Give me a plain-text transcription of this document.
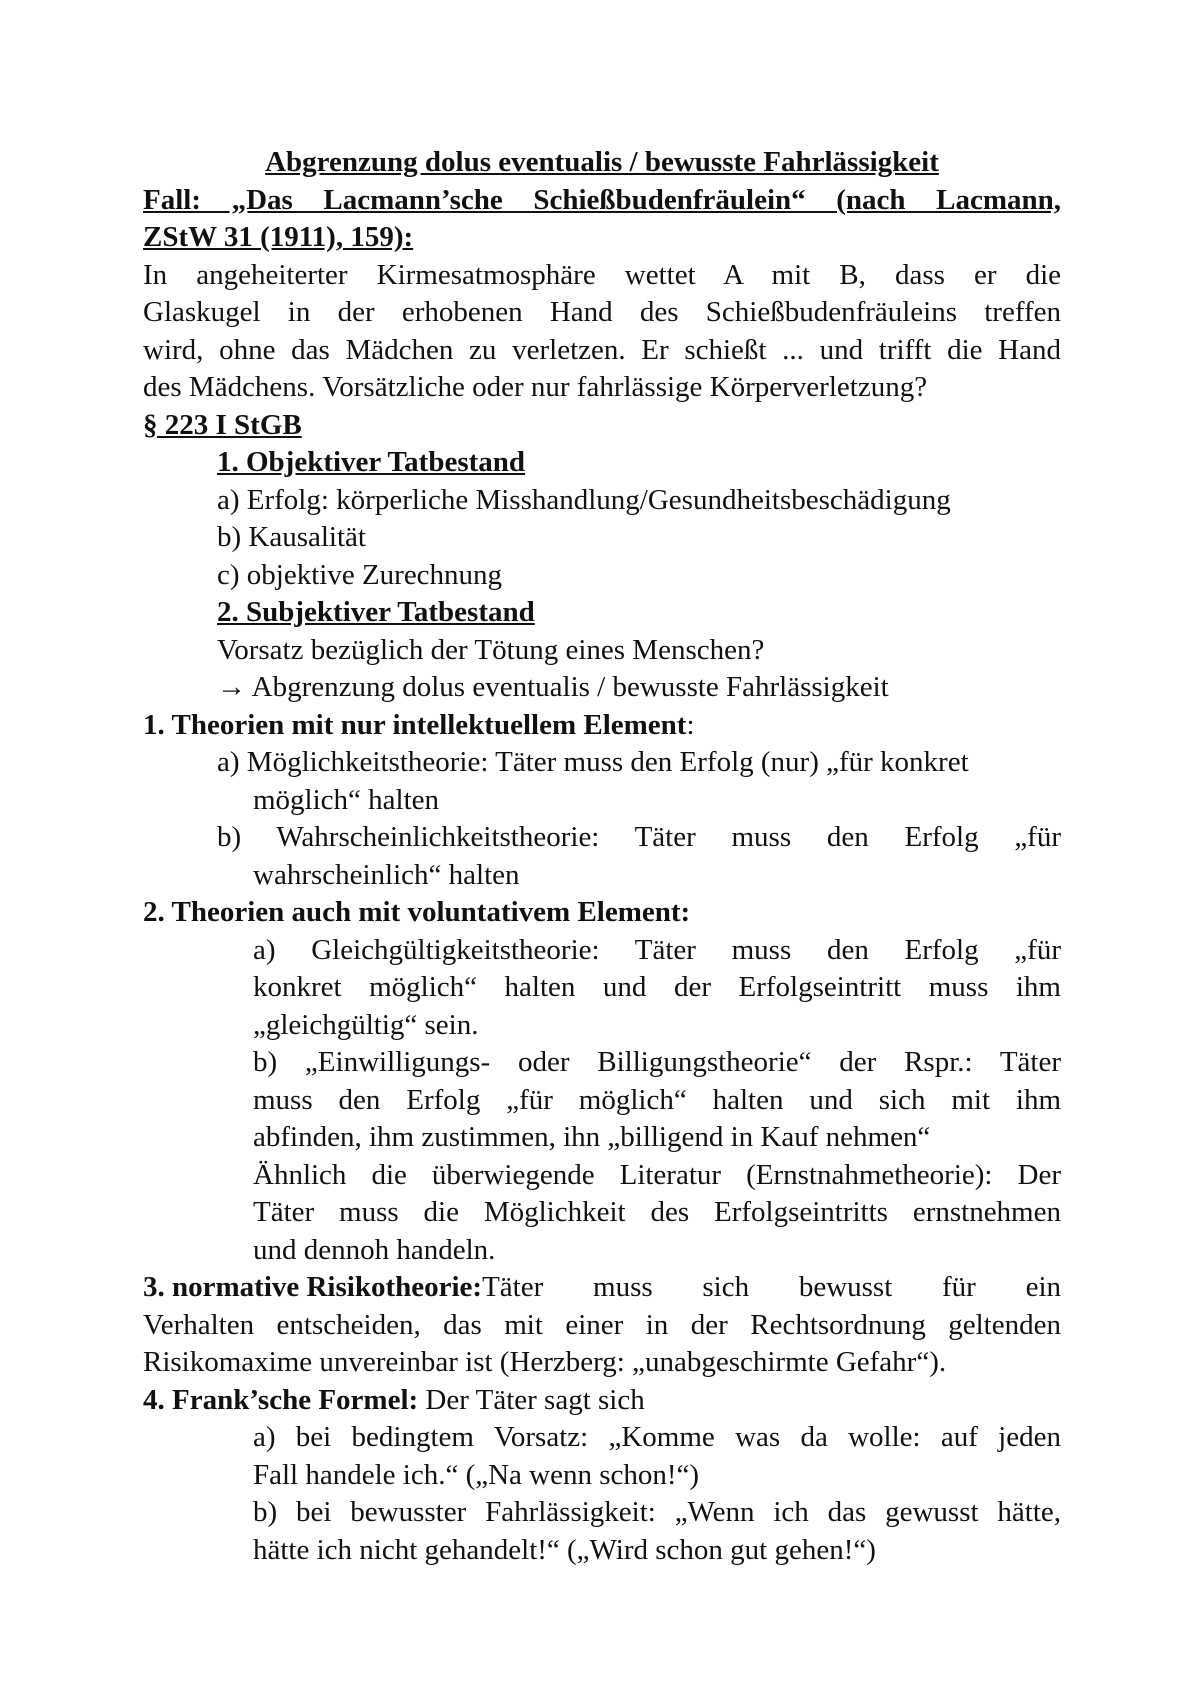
Abgrenzung dolus eventualis / bewusste Fahrlässigkeit
Fall: „Das Lacmann’sche Schießbudenfräulein“ (nach Lacmann,
ZStW 31 (1911), 159):
In angeheiterter Kirmesatmosphäre wettet A mit B, dass er die
Glaskugel in der erhobenen Hand des Schießbudenfräuleins treffen
wird, ohne das Mädchen zu verletzen. Er schießt ... und trifft die Hand
des Mädchens. Vorsätzliche oder nur fahrlässige Körperverletzung?
§ 223 I StGB
1. Objektiver Tatbestand
a) Erfolg: körperliche Misshandlung/Gesundheitsbeschädigung
b) Kausalität
c) objektive Zurechnung
2. Subjektiver Tatbestand
Vorsatz bezüglich der Tötung eines Menschen?
→ Abgrenzung dolus eventualis / bewusste Fahrlässigkeit
1. Theorien mit nur intellektuellem Element:
a) Möglichkeitstheorie: Täter muss den Erfolg (nur) „für konkret
möglich“ halten
b) Wahrscheinlichkeitstheorie: Täter muss den Erfolg „für
wahrscheinlich“ halten
2. Theorien auch mit voluntativem Element:
a) Gleichgültigkeitstheorie: Täter muss den Erfolg „für
konkret möglich“ halten und der Erfolgseintritt muss ihm
„gleichgültig“ sein.
b) „Einwilligungs- oder Billigungstheorie“ der Rspr.: Täter
muss den Erfolg „für möglich“ halten und sich mit ihm
abfinden, ihm zustimmen, ihn „billigend in Kauf nehmen“
Ähnlich die überwiegende Literatur (Ernstnahmetheorie): Der
Täter muss die Möglichkeit des Erfolgseintritts ernstnehmen
und dennoh handeln.
3. normative Risikotheorie: Täter muss sich bewusst für ein
Verhalten entscheiden, das mit einer in der Rechtsordnung geltenden
Risikomaxime unvereinbar ist (Herzberg: „unabgeschirmte Gefahr“).
4. Frank’sche Formel: Der Täter sagt sich
a) bei bedingtem Vorsatz: „Komme was da wolle: auf jeden
Fall handele ich.“ („Na wenn schon!“)
b) bei bewusster Fahrlässigkeit: „Wenn ich das gewusst hätte,
hätte ich nicht gehandelt!“ („Wird schon gut gehen!“)
